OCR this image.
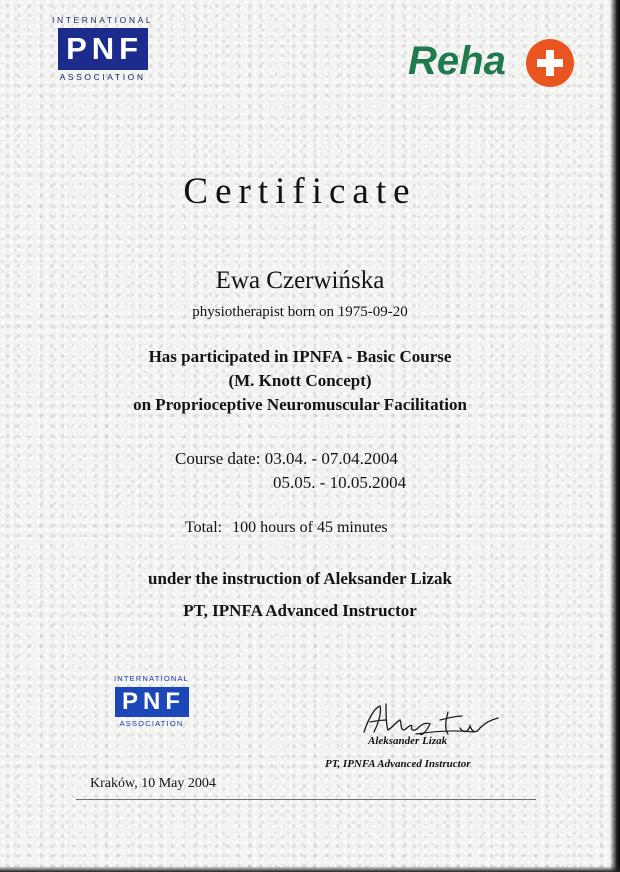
INTERNATIONAL
PNF
ASSOCIATION	Reha
Certificate
Ewa Czerwińska
physiotherapist born on 1975-09-20
Has participated in IPNFA - Basic Course
(M. Knott Concept)
on Proprioceptive Neuromuscular Facilitation
Course date: 03.04. - 07.04.2004
05.05. - 10.05.2004
Total: 100 hours of 45 minutes
under the instruction of Aleksander Lizak
PT, IPNFA Advanced Instructor
INTERNATIONAL
PNF
ASSOCIATION
Aleksander Lizak
PT, IPNFA Advanced Instructor
Kraków, 10 May 2004
